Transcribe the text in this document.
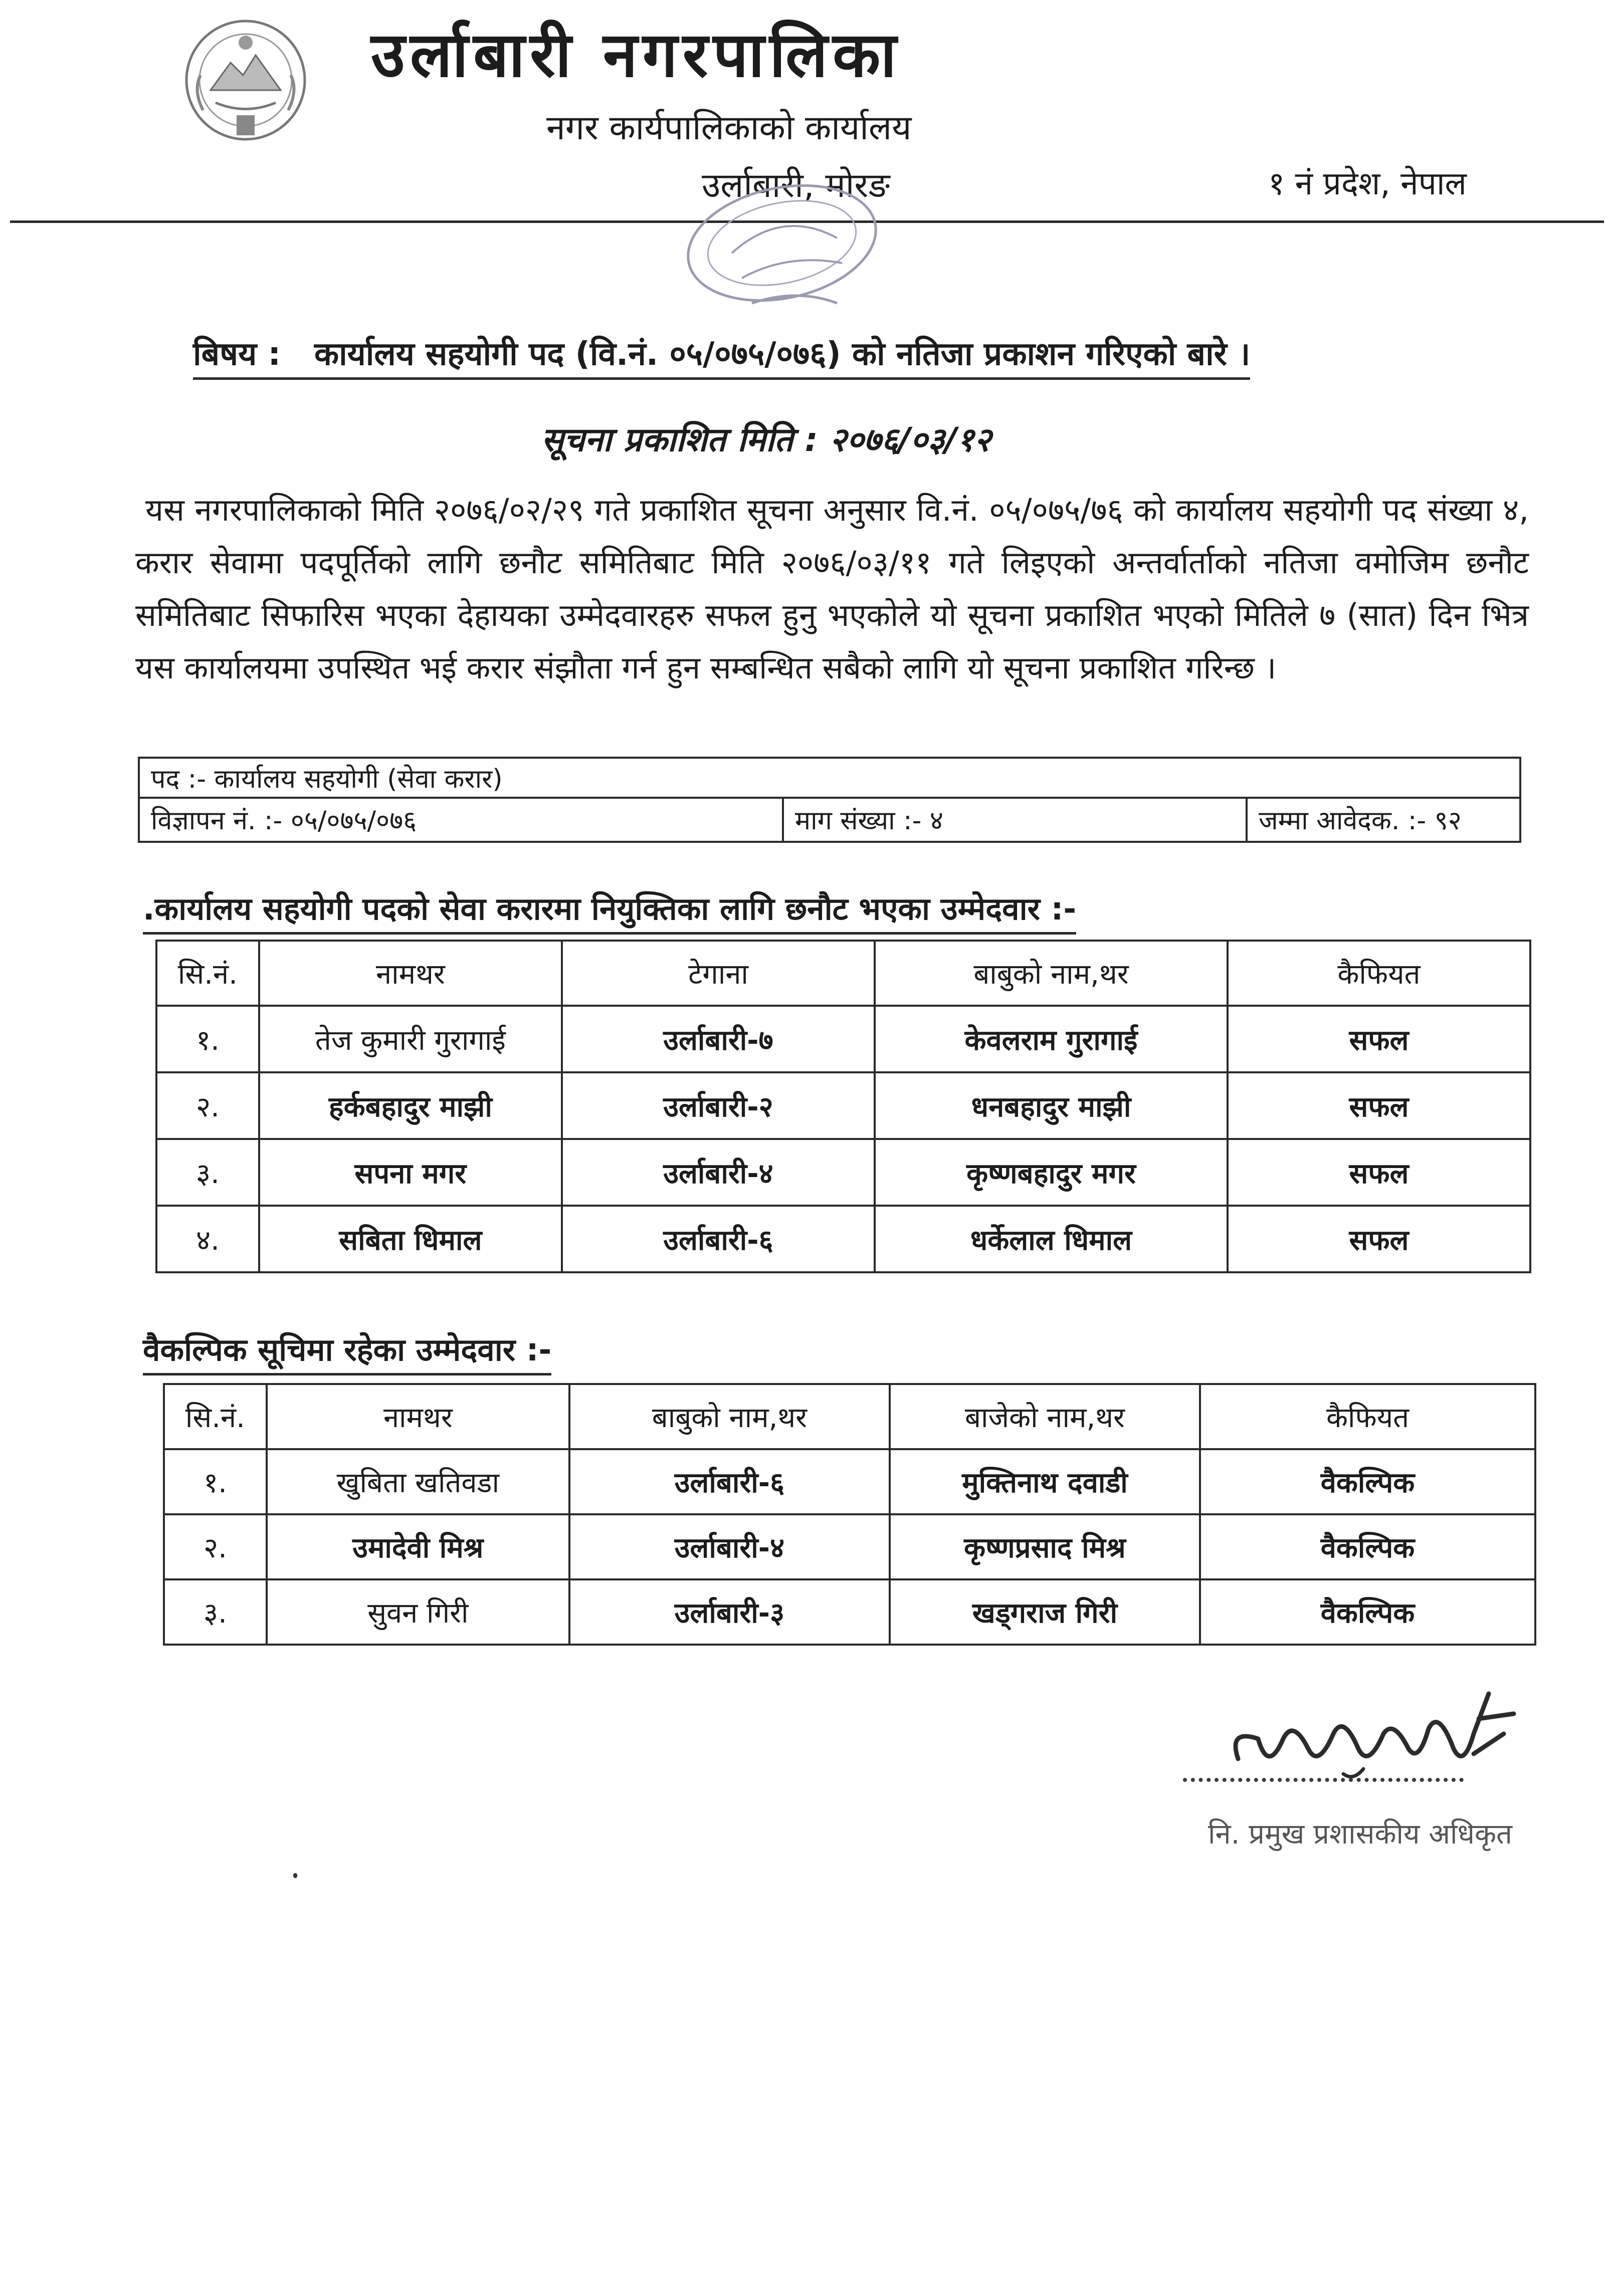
उर्लाबारी नगरपालिका
नगर कार्यपालिकाको कार्यालय
उर्लाबारी, मोरङ	१ नं प्रदेश, नेपाल
बिषय : कार्यालय सहयोगी पद (वि.नं. ०५/०७५/०७६) को नतिजा प्रकाशन गरिएको बारे ।
सूचना प्रकाशित मिति : २०७६/०३/१२
यस नगरपालिकाको मिति २०७६/०२/२९ गते प्रकाशित सूचना अनुसार वि.नं. ०५/०७५/७६ को कार्यालय सहयोगी पद संख्या ४, करार सेवामा पदपूर्तिको लागि छनौट समितिबाट मिति २०७६/०३/११ गते लिइएको अन्तर्वार्ताको नतिजा वमोजिम छनौट समितिबाट सिफारिस भएका देहायका उम्मेदवारहरु सफल हुनु भएकोले यो सूचना प्रकाशित भएको मितिले ७ (सात) दिन भित्र यस कार्यालयमा उपस्थित भई करार संझौता गर्न हुन सम्बन्धित सबैको लागि यो सूचना प्रकाशित गरिन्छ ।
पद :- कार्यालय सहयोगी (सेवा करार)
विज्ञापन नं. :- ०५/०७५/०७६	माग संख्या :- ४	जम्मा आवेदक. :- ९२
.कार्यालय सहयोगी पदको सेवा करारमा नियुक्तिका लागि छनौट भएका उम्मेदवार :-
सि.नं.	नामथर	टेगाना	बाबुको नाम,थर	कैफियत
१.	तेज कुमारी गुरागाई	उर्लाबारी-७	केवलराम गुरागाई	सफल
२.	हर्कबहादुर माझी	उर्लाबारी-२	धनबहादुर माझी	सफल
३.	सपना मगर	उर्लाबारी-४	कृष्णबहादुर मगर	सफल
४.	सबिता धिमाल	उर्लाबारी-६	धर्केलाल धिमाल	सफल
वैकल्पिक सूचिमा रहेका उम्मेदवार :-
सि.नं.	नामथर	बाबुको नाम,थर	बाजेको नाम,थर	कैफियत
१.	खुबिता खतिवडा	उर्लाबारी-६	मुक्तिनाथ दवाडी	वैकल्पिक
२.	उमादेवी मिश्र	उर्लाबारी-४	कृष्णप्रसाद मिश्र	वैकल्पिक
३.	सुवन गिरी	उर्लाबारी-३	खड्गराज गिरी	वैकल्पिक
नि. प्रमुख प्रशासकीय अधिकृत
